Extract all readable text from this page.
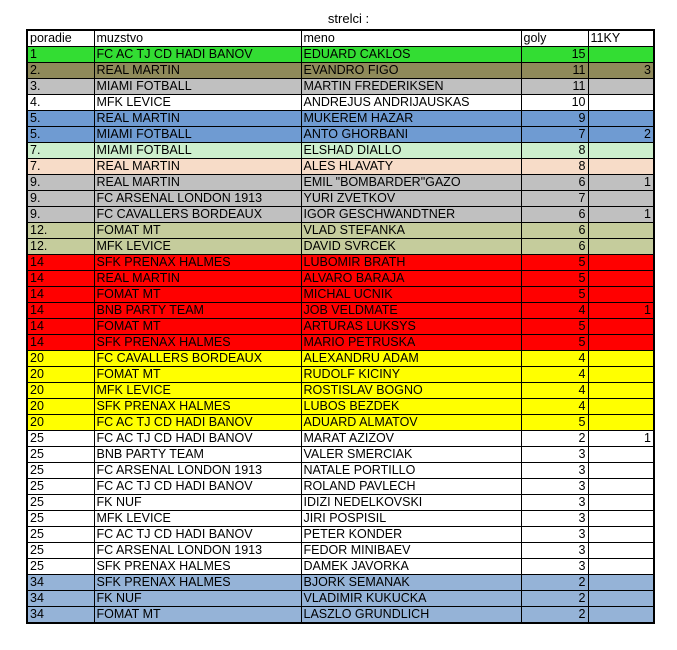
strelci :
poradie	muzstvo	meno	goly	11KY
1	FC AC TJ CD HADI BANOV	EDUARD CAKLOS	15	
2.	REAL MARTIN	EVANDRO FIGO	11	3
3.	MIAMI FOTBALL	MARTIN FREDERIKSEN	11	
4.	MFK LEVICE	ANDREJUS ANDRIJAUSKAS	10	
5.	REAL MARTIN	MUKEREM HAZAR	9	
5.	MIAMI FOTBALL	ANTO GHORBANI	7	2
7.	MIAMI FOTBALL	ELSHAD DIALLO	8	
7.	REAL MARTIN	ALES HLAVATY	8	
9.	REAL MARTIN	EMIL "BOMBARDER"GAZO	6	1
9.	FC ARSENAL LONDON 1913	YURI ZVETKOV	7	
9.	FC CAVALLERS BORDEAUX	IGOR GESCHWANDTNER	6	1
12.	FOMAT MT	VLAD STEFANKA	6	
12.	MFK LEVICE	DAVID SVRCEK	6	
14	SFK PRENAX HALMES	LUBOMIR BRATH	5	
14	REAL MARTIN	ALVARO BARAJA	5	
14	FOMAT MT	MICHAL UCNIK	5	
14	BNB PARTY TEAM	JOB VELDMATE	4	1
14	FOMAT MT	ARTURAS LUKSYS	5	
14	SFK PRENAX HALMES	MARIO PETRUSKA	5	
20	FC CAVALLERS BORDEAUX	ALEXANDRU ADAM	4	
20	FOMAT MT	RUDOLF KICINY	4	
20	MFK LEVICE	ROSTISLAV BOGNO	4	
20	SFK PRENAX HALMES	LUBOS BEZDEK	4	
20	FC AC TJ CD HADI BANOV	ADUARD ALMATOV	5	
25	FC AC TJ CD HADI BANOV	MARAT AZIZOV	2	1
25	BNB PARTY TEAM	VALER SMERCIAK	3	
25	FC ARSENAL LONDON 1913	NATALE PORTILLO	3	
25	FC AC TJ CD HADI BANOV	ROLAND PAVLECH	3	
25	FK NUF	IDIZI NEDELKOVSKI	3	
25	MFK LEVICE	JIRI POSPISIL	3	
25	FC AC TJ CD HADI BANOV	PETER KONDER	3	
25	FC ARSENAL LONDON 1913	FEDOR MINIBAEV	3	
25	SFK PRENAX HALMES	DAMEK JAVORKA	3	
34	SFK PRENAX HALMES	BJORK SEMANAK	2	
34	FK NUF	VLADIMIR KUKUCKA	2	
34	FOMAT MT	LASZLO GRUNDLICH	2	
